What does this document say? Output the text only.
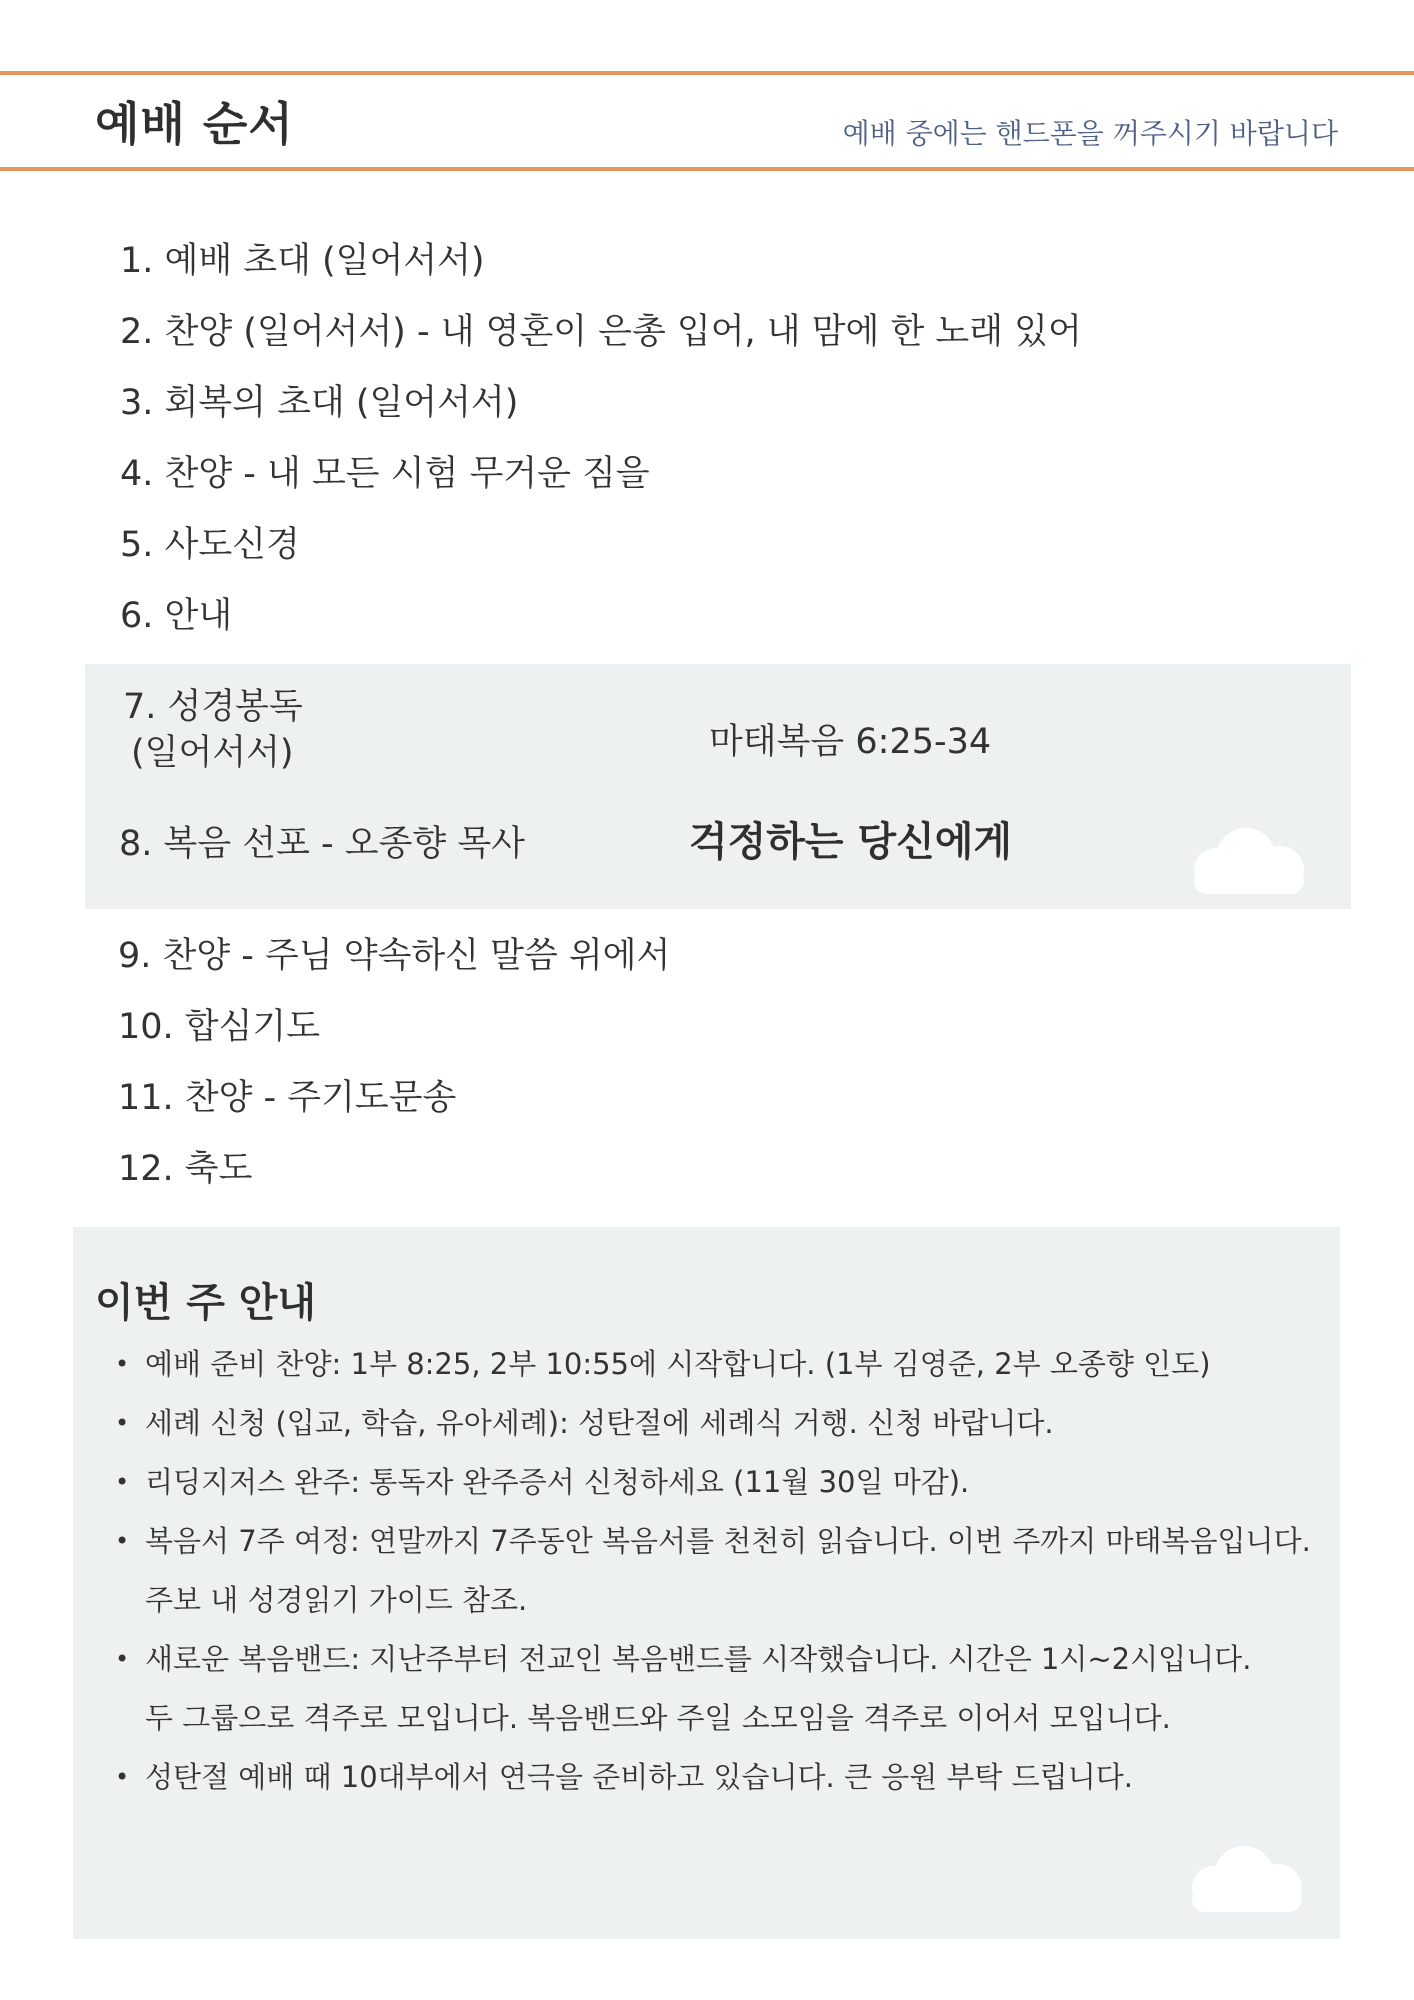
예배 순서	예배 중에는 핸드폰을 꺼주시기 바랍니다
1. 예배 초대 (일어서서)
2. 찬양 (일어서서) - 내 영혼이 은총 입어, 내 맘에 한 노래 있어
3. 회복의 초대 (일어서서)
4. 찬양 - 내 모든 시험 무거운 짐을
5. 사도신경
6. 안내
7. 성경봉독
(일어서서)	마태복음 6:25-34
8. 복음 선포 - 오종향 목사	걱정하는 당신에게
9. 찬양 - 주님 약속하신 말씀 위에서
10. 합심기도
11. 찬양 - 주기도문송
12. 축도
이번 주 안내
• 예배 준비 찬양: 1부 8:25, 2부 10:55에 시작합니다. (1부 김영준, 2부 오종향 인도)
• 세례 신청 (입교, 학습, 유아세례): 성탄절에 세례식 거행. 신청 바랍니다.
• 리딩지저스 완주: 통독자 완주증서 신청하세요 (11월 30일 마감).
• 복음서 7주 여정: 연말까지 7주동안 복음서를 천천히 읽습니다. 이번 주까지 마태복음입니다.
주보 내 성경읽기 가이드 참조.
• 새로운 복음밴드: 지난주부터 전교인 복음밴드를 시작했습니다. 시간은 1시~2시입니다.
두 그룹으로 격주로 모입니다. 복음밴드와 주일 소모임을 격주로 이어서 모입니다.
• 성탄절 예배 때 10대부에서 연극을 준비하고 있습니다. 큰 응원 부탁 드립니다.
